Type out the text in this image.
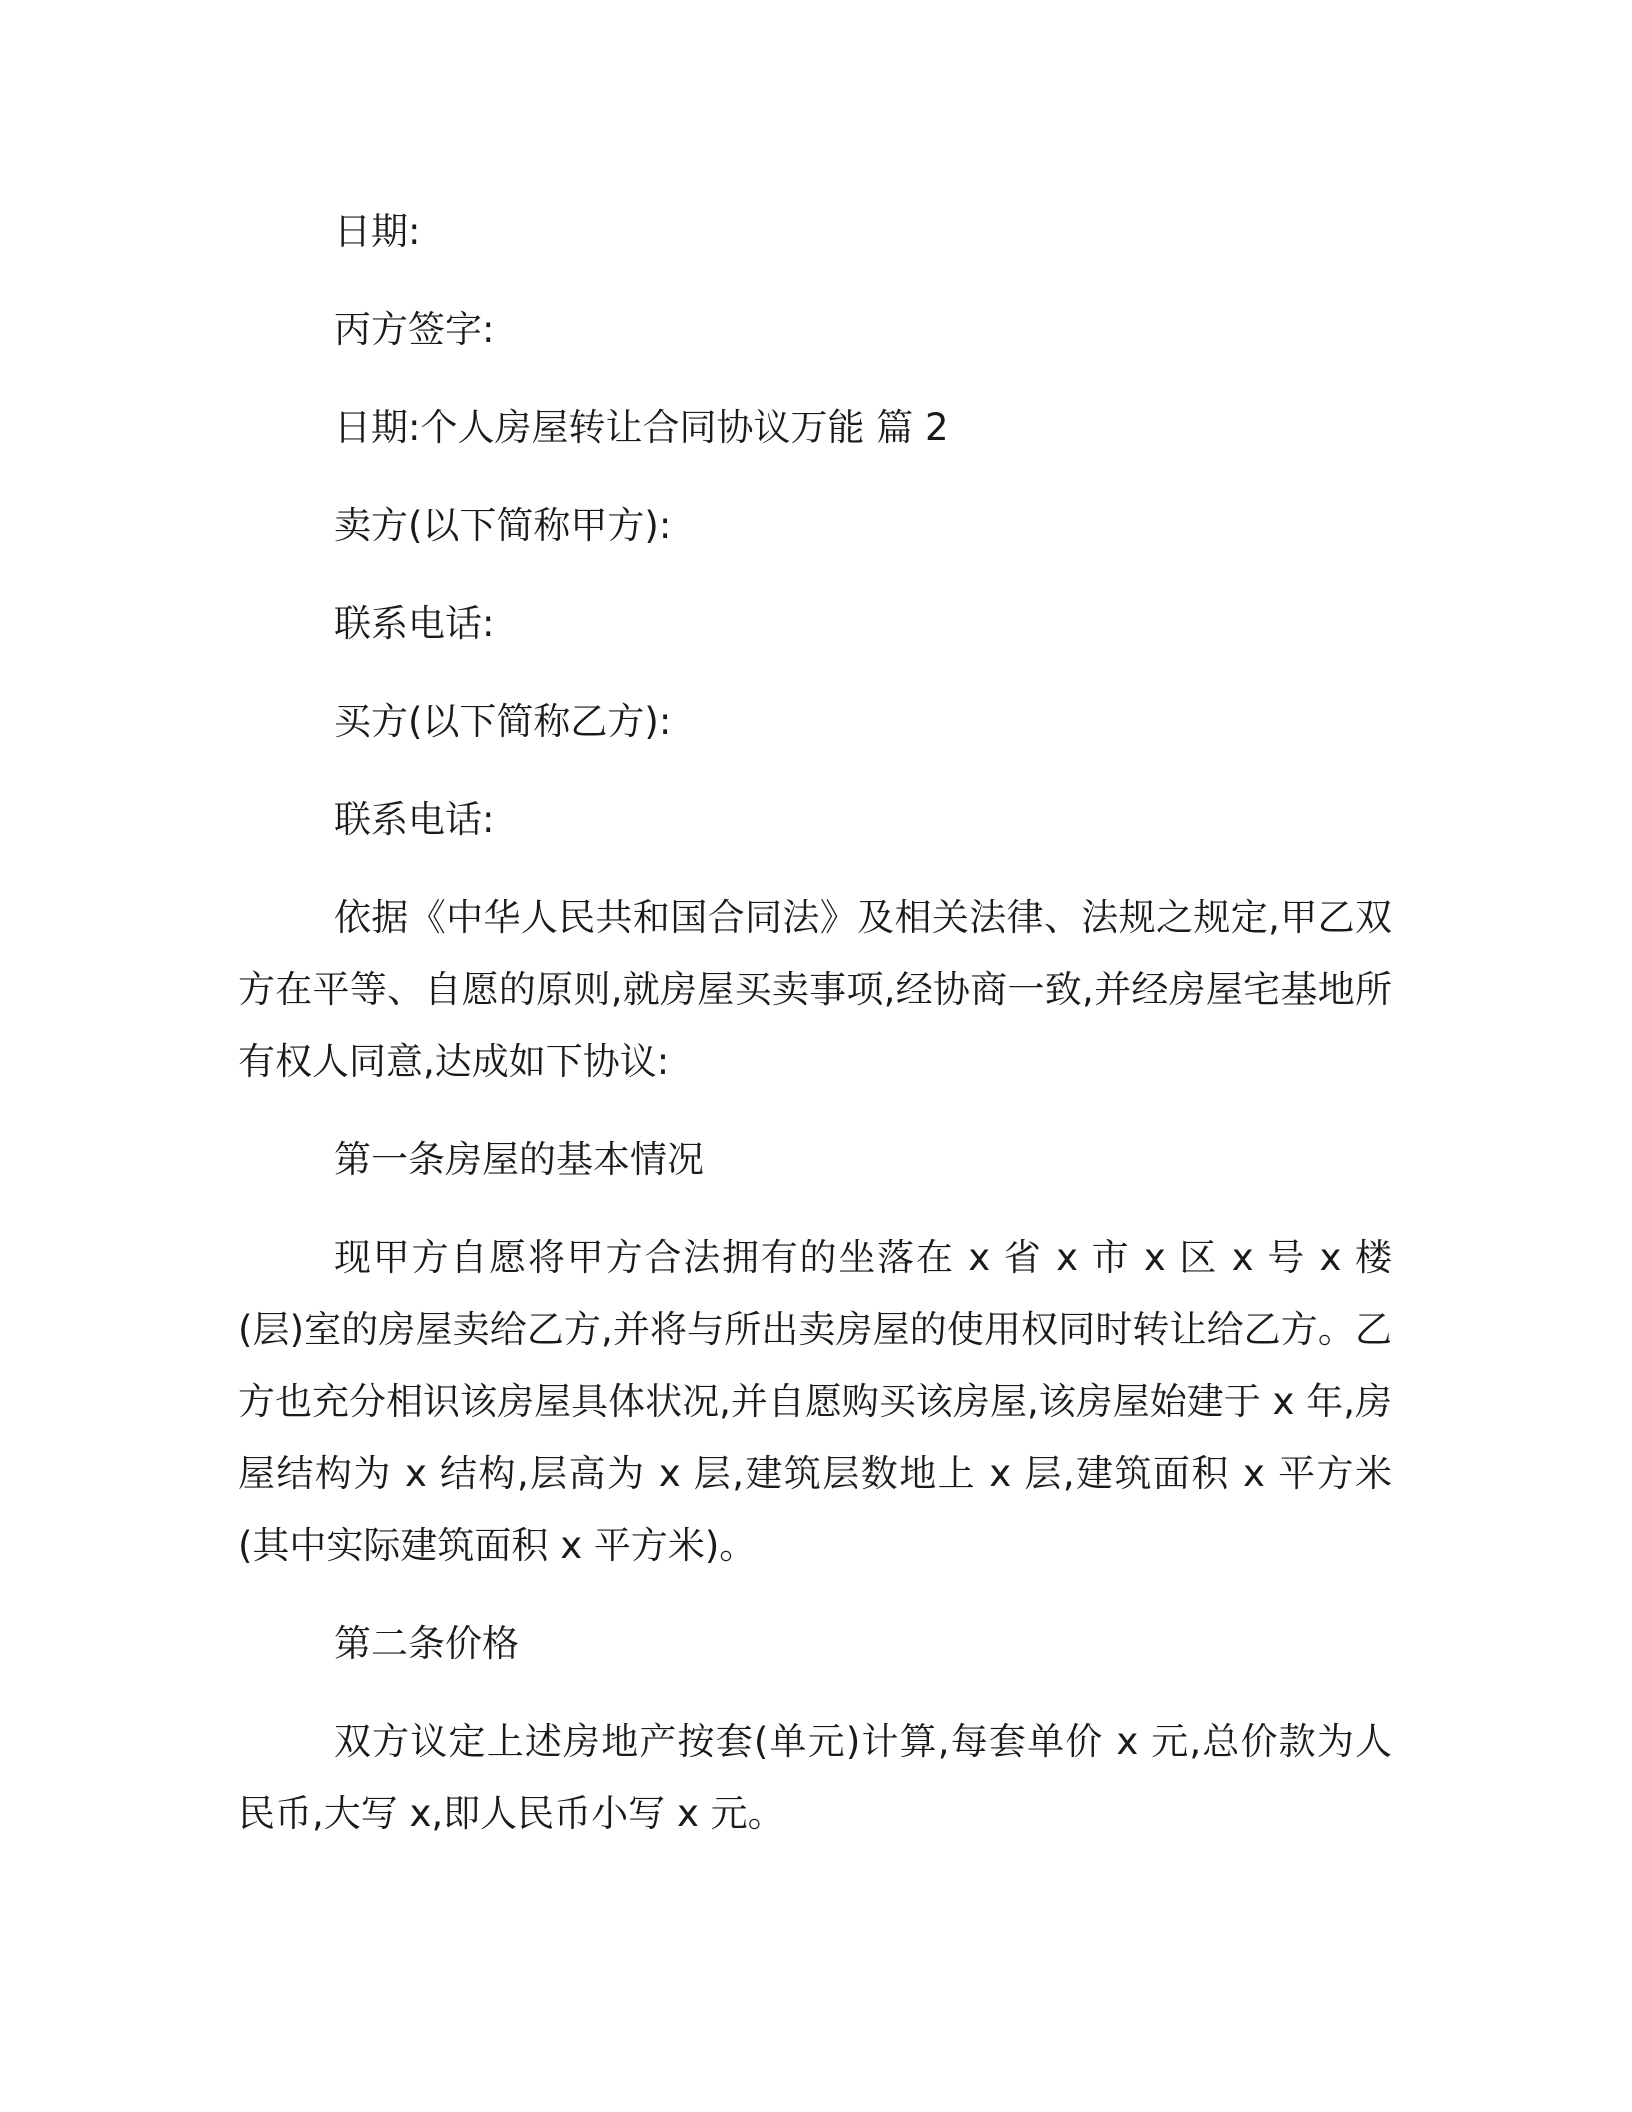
日期:
丙方签字:
日期:个人房屋转让合同协议万能 篇 2
卖方(以下简称甲方):
联系电话:
买方(以下简称乙方):
联系电话:
依据《中华人民共和国合同法》及相关法律、法规之规定,甲乙双方在平等、自愿的原则,就房屋买卖事项,经协商一致,并经房屋宅基地所有权人同意,达成如下协议:
第一条房屋的基本情况
现甲方自愿将甲方合法拥有的坐落在 x 省 x 市 x 区 x 号 x 楼(层)室的房屋卖给乙方,并将与所出卖房屋的使用权同时转让给乙方。乙方也充分相识该房屋具体状况,并自愿购买该房屋,该房屋始建于 x 年,房屋结构为 x 结构,层高为 x 层,建筑层数地上 x 层,建筑面积 x 平方米(其中实际建筑面积 x 平方米)。
第二条价格
双方议定上述房地产按套(单元)计算,每套单价 x 元,总价款为人民币,大写 x,即人民币小写 x 元。
